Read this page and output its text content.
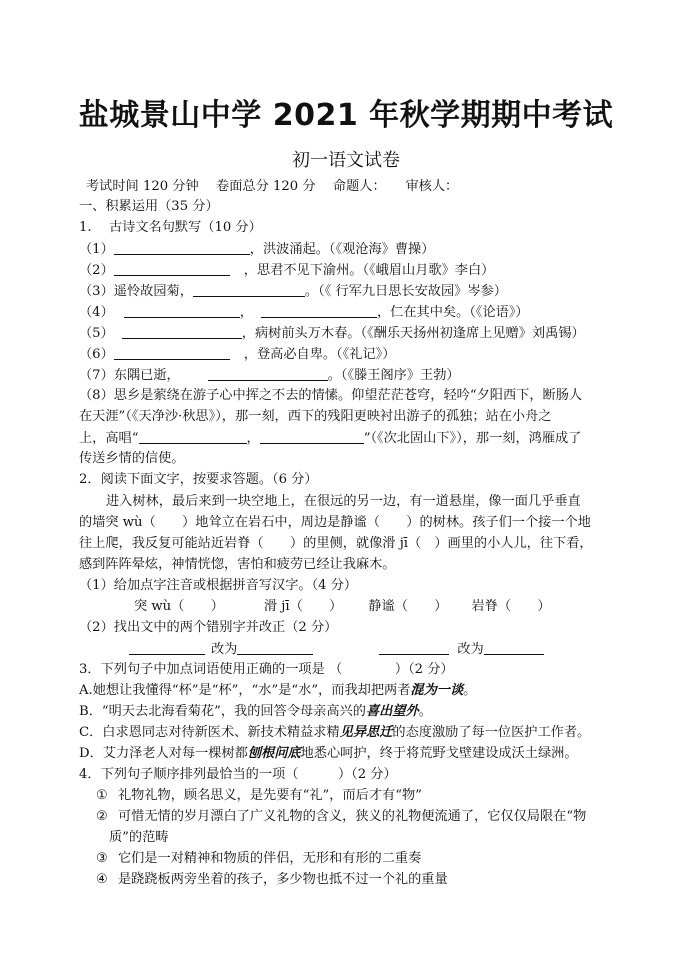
盐城景山中学 2021 年秋学期期中考试
初一语文试卷
考试时间 120 分钟　 卷面总分 120 分　 命题人：　　审核人：
一、积累运用（35 分）
1.　 古诗文名句默写（10 分）
（1）	，洪波涌起。（《观沧海》曹操）
（2）	，思君不见下渝州。（《峨眉山月歌》李白）
（3）遥怜故园菊，	。（《 行军九日思长安故园》岑参）
（4）	，	，仁在其中矣。（《论语》）
（5）	，病树前头万木春。（《酬乐天扬州初逢席上见赠》刘禹锡）
（6）	，登高必自卑。（《礼记》）
（7）东隅已逝，	。（《滕王阁序》王勃）
（8）思乡是萦绕在游子心中挥之不去的情愫。仰望茫茫苍穹，轻吟“夕阳西下，断肠人
在天涯”（《天净沙·秋思》），那一刻，西下的残阳更映衬出游子的孤独；站在小舟之
上，高唱“	，	”（《次北固山下》），那一刻，鸿雁成了
传送乡情的信使。
2．阅读下面文字，按要求答题。（6 分）
进入树林，最后来到一块空地上，在很远的另一边，有一道悬崖，像一面几乎垂直
的墙突 wù（　　）地耸立在岩石中，周边是静谧（　　）的树林。孩子们一个接一个地
往上爬，我反复可能站近岩脊（　　）的里侧，就像滑 jī（　）画里的小人儿，往下看，
感到阵阵晕炫，神情恍惚，害怕和疲劳已经让我麻木。
（1）给加点字注音或根据拼音写汉字。（4 分）
突 wù（　　）	滑 jī（　　） 静谧（　　） 岩脊（　　）
（2）找出文中的两个错别字并改正（2 分）
改为	改为
3．下列句子中加点词语使用正确的一项是 （　　　　）（2 分）
A.她想让我懂得“杯”是“杯”，“水”是“水”，而我却把两者混为一谈。
B．“明天去北海看菊花”，我的回答令母亲高兴的喜出望外。
C．白求恩同志对待新医术、新技术精益求精见异思迁的态度激励了每一位医护工作者。
D．艾力泽老人对每一棵树都刨根问底地悉心呵护，终于将荒野戈壁建设成沃土绿洲。
4．下列句子顺序排列最恰当的一项（　　　）（2 分）
① 礼物礼物，顾名思义，是先要有“礼”，而后才有“物”
② 可惜无情的岁月漂白了广义礼物的含义，狭义的礼物便流通了，它仅仅局限在“物
质”的范畴
③ 它们是一对精神和物质的伴侣，无形和有形的二重奏
④ 是跷跷板两旁坐着的孩子，多少物也抵不过一个礼的重量
